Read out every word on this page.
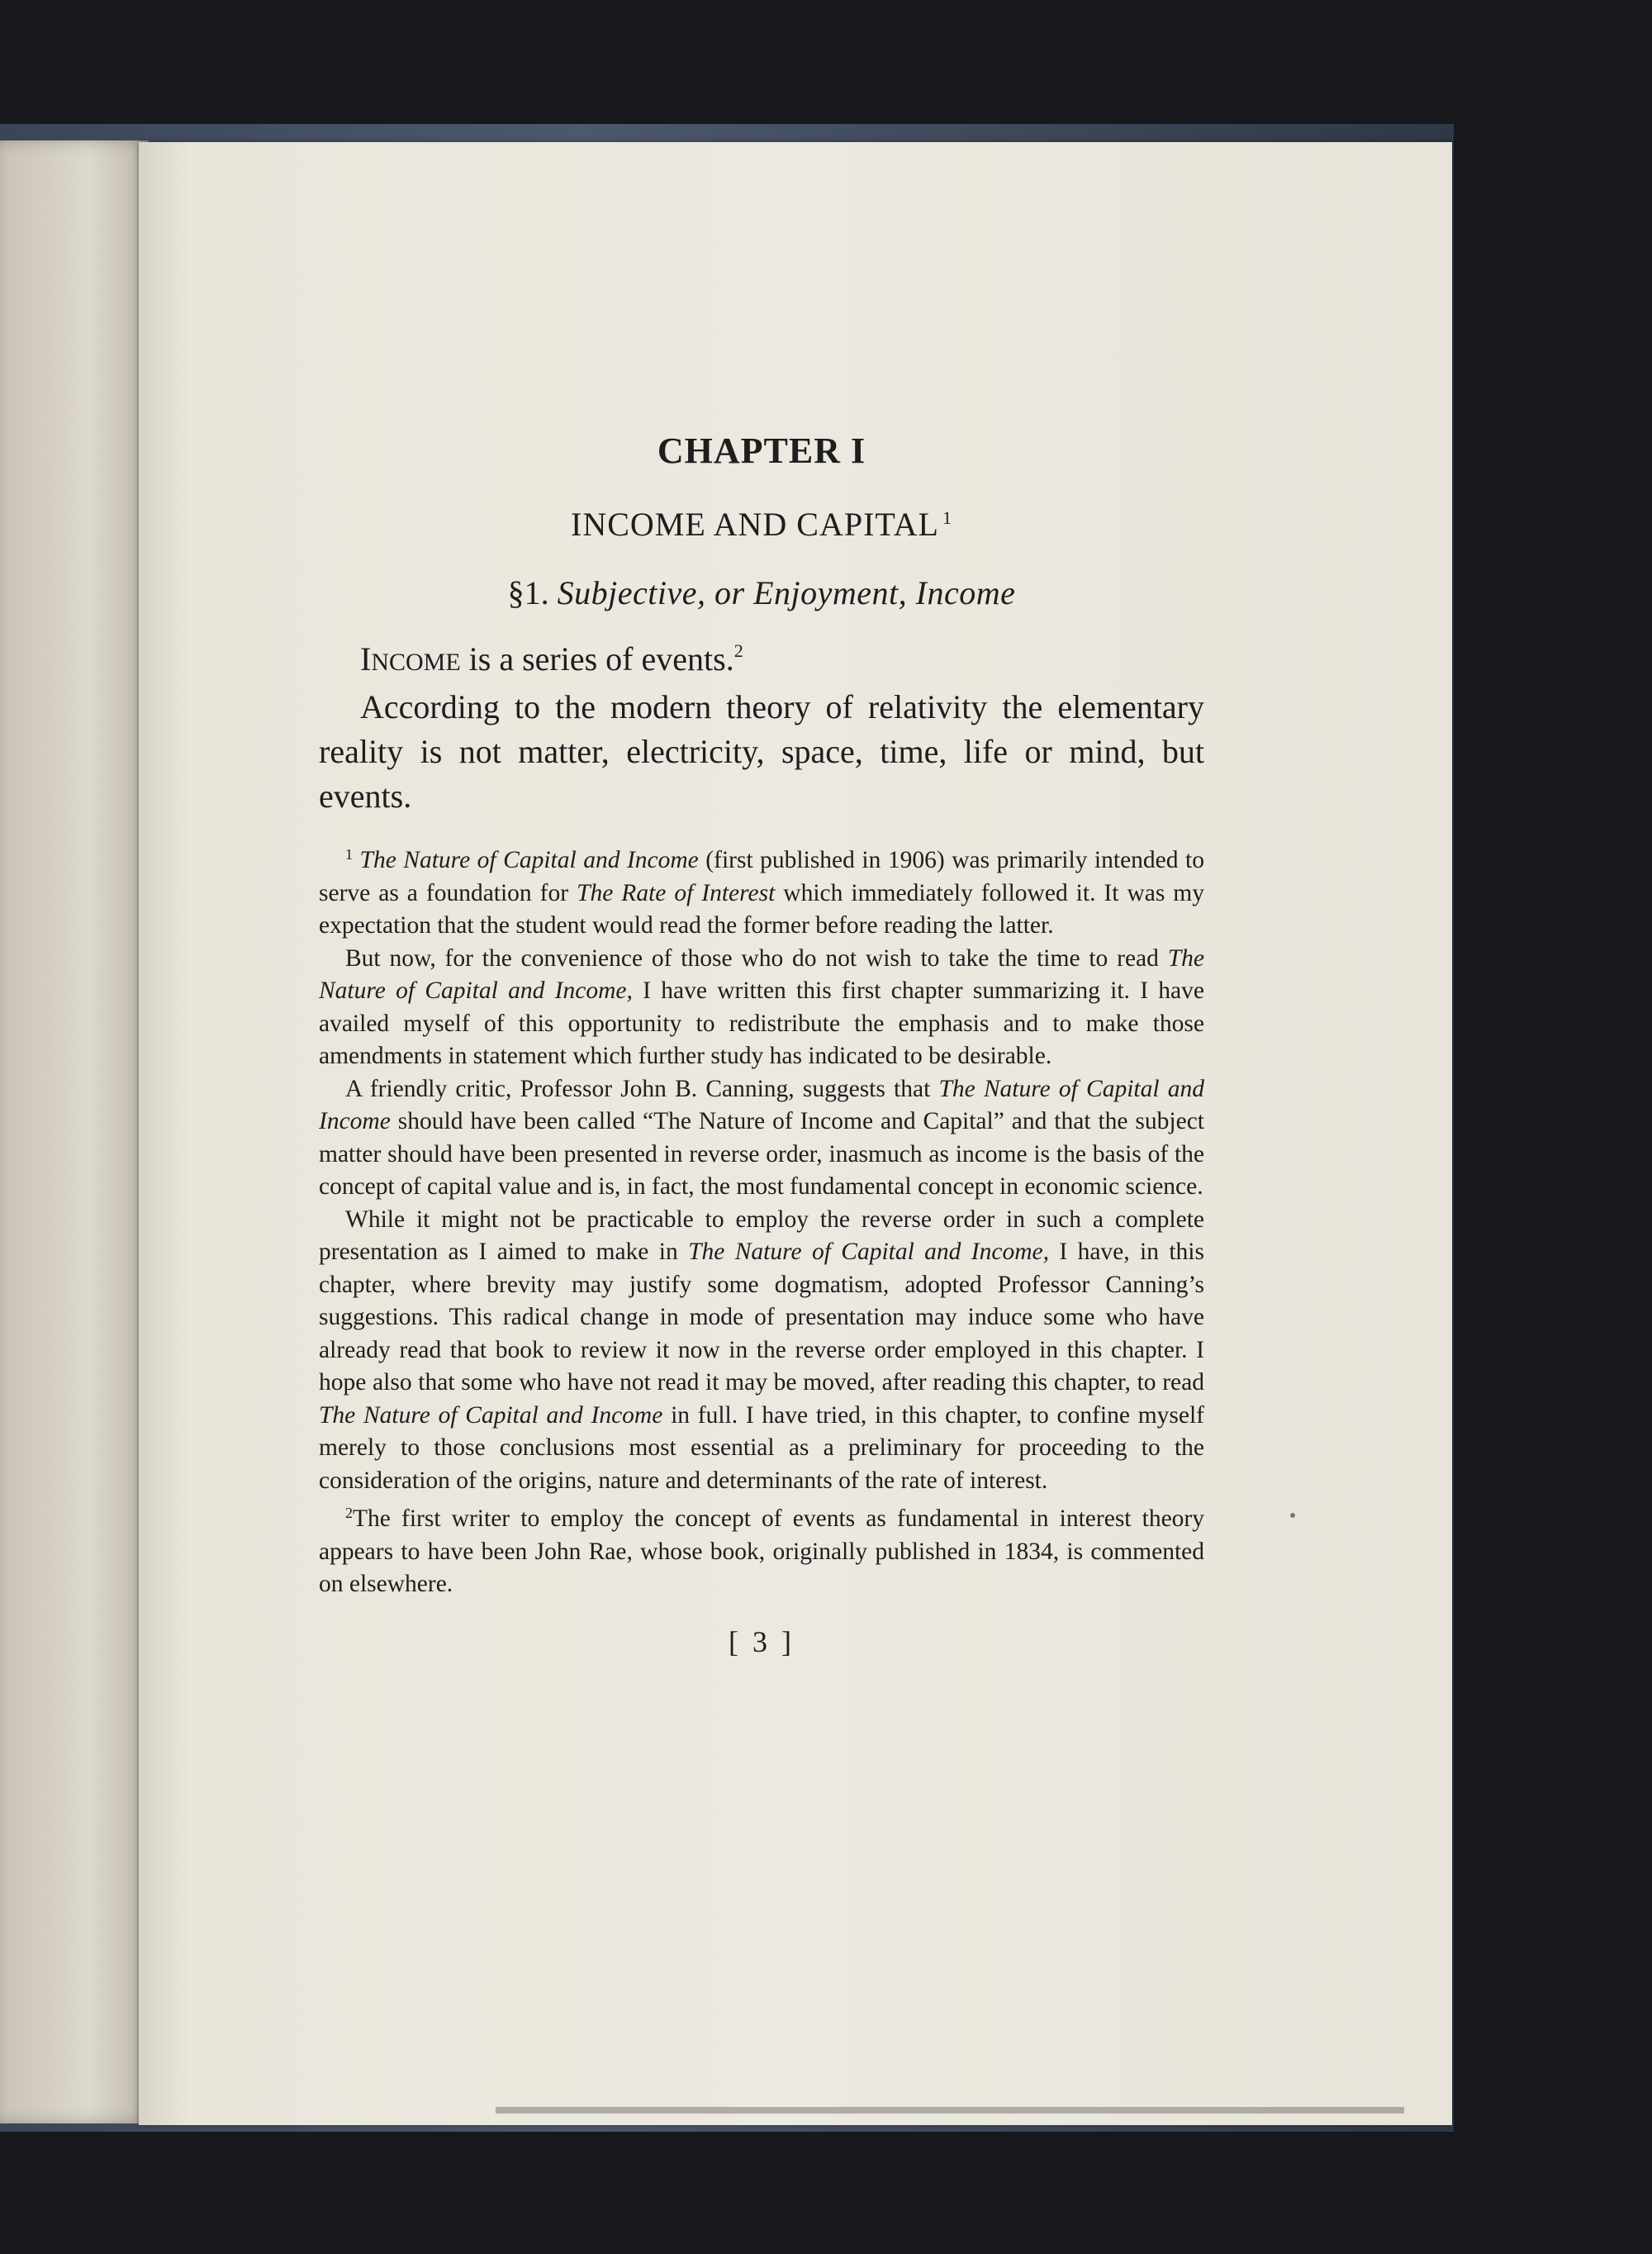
CHAPTER I

INCOME AND CAPITAL $^1$

§1. Subjective, or Enjoyment, Income

INCOME is a series of events.$^2$

According to the modern theory of relativity the elementary reality is not matter, electricity, space, time, life or mind, but events.

$^1$ The Nature of Capital and Income (first published in 1906) was primarily intended to serve as a foundation for The Rate of Interest which immediately followed it. It was my expectation that the student would read the former before reading the latter.

But now, for the convenience of those who do not wish to take the time to read The Nature of Capital and Income, I have written this first chapter summarizing it. I have availed myself of this opportunity to redistribute the emphasis and to make those amendments in statement which further study has indicated to be desirable.

A friendly critic, Professor John B. Canning, suggests that The Nature of Capital and Income should have been called “The Nature of Income and Capital” and that the subject matter should have been presented in reverse order, inasmuch as income is the basis of the concept of capital value and is, in fact, the most fundamental concept in economic science.

While it might not be practicable to employ the reverse order in such a complete presentation as I aimed to make in The Nature of Capital and Income, I have, in this chapter, where brevity may justify some dogmatism, adopted Professor Canning’s suggestions. This radical change in mode of presentation may induce some who have already read that book to review it now in the reverse order employed in this chapter. I hope also that some who have not read it may be moved, after reading this chapter, to read The Nature of Capital and Income in full. I have tried, in this chapter, to confine myself merely to those conclusions most essential as a preliminary for proceeding to the consideration of the origins, nature and determinants of the rate of interest.

$^2$The first writer to employ the concept of events as fundamental in interest theory appears to have been John Rae, whose book, originally published in 1834, is commented on elsewhere.

[ 3 ]
